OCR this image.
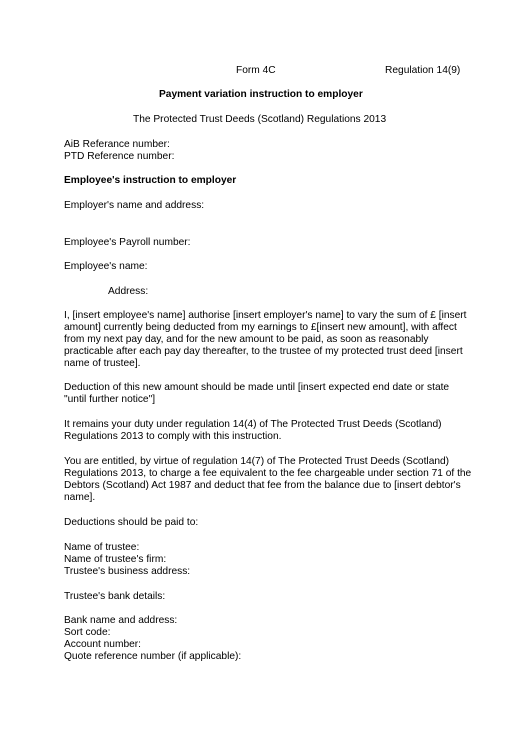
Form 4C	Regulation 14(9)
Payment variation instruction to employer
The Protected Trust Deeds (Scotland) Regulations 2013
AiB Referance number:
PTD Reference number:
Employee's instruction to employer
Employer's name and address:
Employee's Payroll number:
Employee's name:
Address:
I, [insert employee's name] authorise [insert employer's name] to vary the sum of £ [insert amount] currently being deducted from my earnings to £[insert new amount], with affect from my next pay day, and for the new amount to be paid, as soon as reasonably practicable after each pay day thereafter, to the trustee of my protected trust deed [insert name of trustee].
Deduction of this new amount should be made until [insert expected end date or state "until further notice"]
It remains your duty under regulation 14(4) of The Protected Trust Deeds (Scotland) Regulations 2013 to comply with this instruction.
You are entitled, by virtue of regulation 14(7) of The Protected Trust Deeds (Scotland) Regulations 2013, to charge a fee equivalent to the fee chargeable under section 71 of the Debtors (Scotland) Act 1987 and deduct that fee from the balance due to [insert debtor's name].
Deductions should be paid to:
Name of trustee:
Name of trustee's firm:
Trustee's business address:
Trustee's bank details:
Bank name and address:
Sort code:
Account number:
Quote reference number (if applicable):
